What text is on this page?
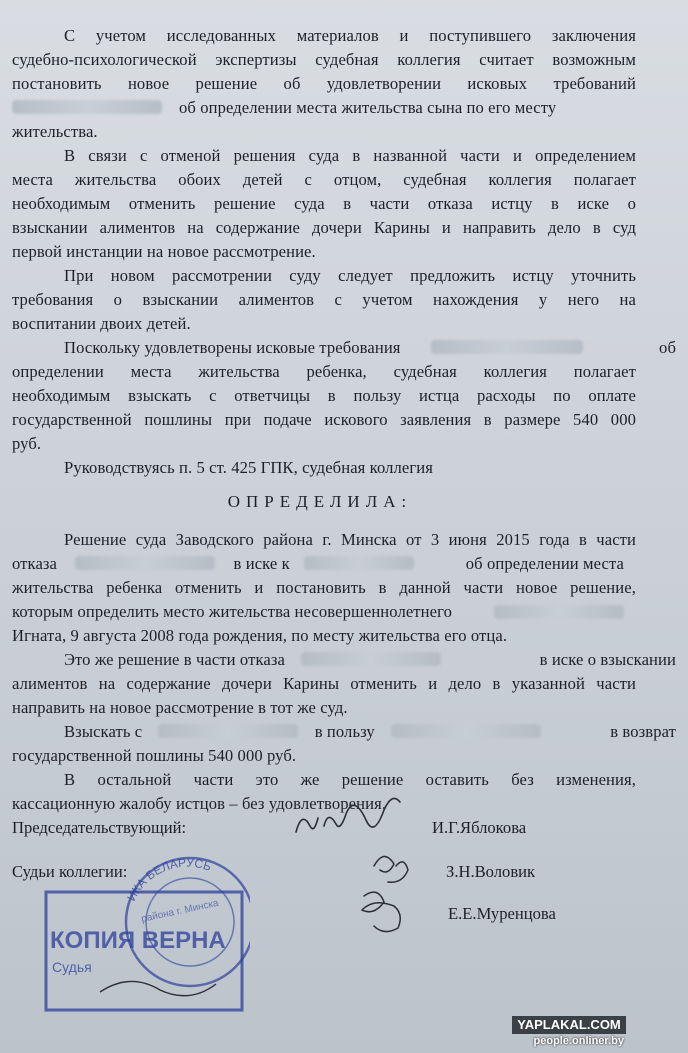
С учетом исследованных материалов и поступившего заключения
судебно-психологической экспертизы судебная коллегия считает возможным
постановить новое решение об удовлетворении исковых требований
об определении места жительства сына по его месту
жительства.
В связи с отменой решения суда в названной части и определением
места жительства обоих детей с отцом, судебная коллегия полагает
необходимым отменить решение суда в части отказа истцу в иске о
взыскании алиментов на содержание дочери Карины и направить дело в суд
первой инстанции на новое рассмотрение.
При новом рассмотрении суду следует предложить истцу уточнить
требования о взыскании алиментов с учетом нахождения у него на
воспитании двоих детей.
Поскольку удовлетворены исковые требования	об
определении места жительства ребенка, судебная коллегия полагает
необходимым взыскать с ответчицы в пользу истца расходы по оплате
государственной пошлины при подаче искового заявления в размере 540 000
руб.
Руководствуясь п. 5 ст. 425 ГПК, судебная коллегия
ОПРЕДЕЛИЛА:
Решение суда Заводского района г. Минска от 3 июня 2015 года в части
отказа	в иске к	об определении места
жительства ребенка отменить и постановить в данной части новое решение,
которым определить место жительства несовершеннолетнего
Игната, 9 августа 2008 года рождения, по месту жительства его отца.
Это же решение в части отказа	в иске о взыскании
алиментов на содержание дочери Карины отменить и дело в указанной части
направить на новое рассмотрение в тот же суд.
Взыскать с	в пользу	в возврат
государственной пошлины 540 000 руб.
В остальной части это же решение оставить без изменения,
кассационную жалобу истцов – без удовлетворения.
Председательствующий:	И.Г.Яблокова
Судьи коллегии:	З.Н.Воловик
Е.Е.Муренцова
ИКА БЕЛАРУСЬ
КОПИЯ ВЕРНА
района г. Минска
Судья
YAPLAKAL.COM
people.onliner.by
